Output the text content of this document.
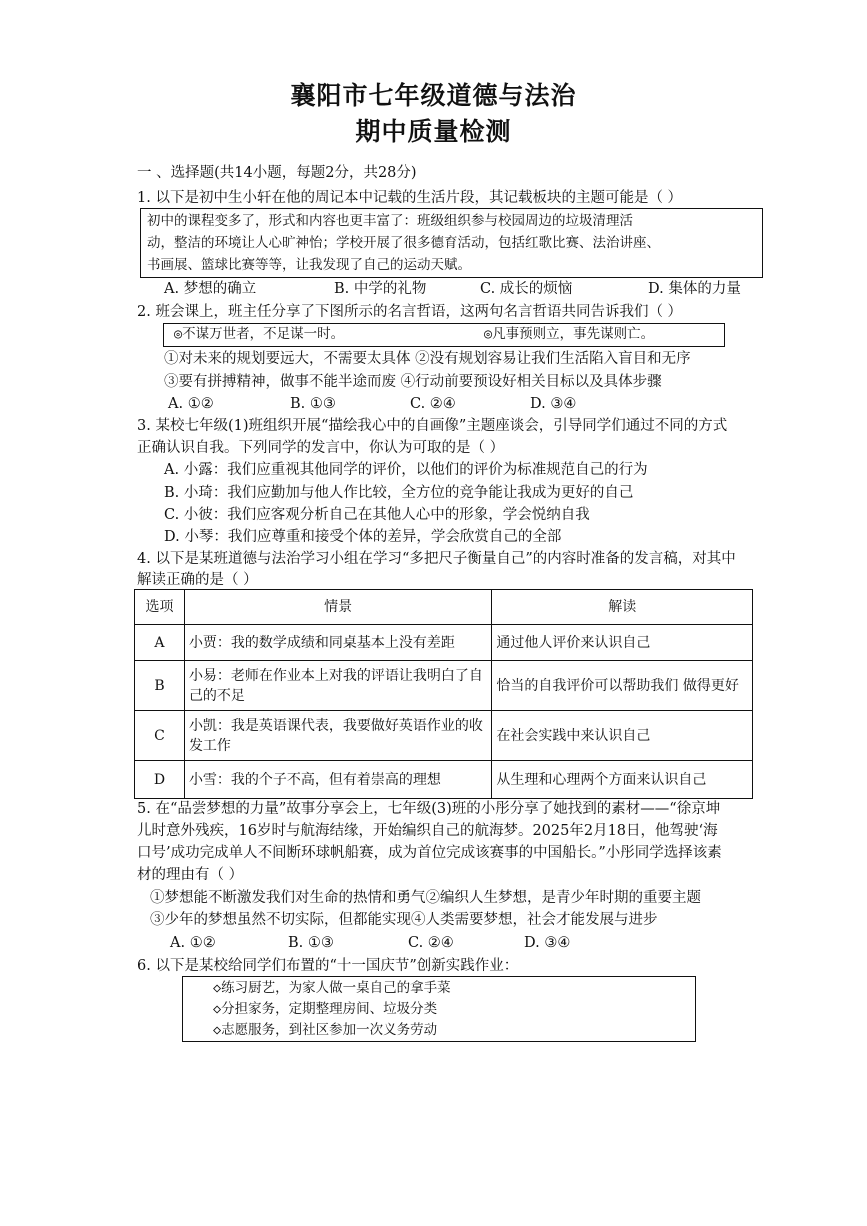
襄阳市七年级道德与法治
期中质量检测
一 、选择题(共14小题，每题2分，共28分)
1. 以下是初中生小轩在他的周记本中记载的生活片段，其记载板块的主题可能是（ ）
初中的课程变多了，形式和内容也更丰富了：班级组织参与校园周边的垃圾清理活
动，整洁的环境让人心旷神怡；学校开展了很多德育活动，包括红歌比赛、法治讲座、
书画展、篮球比赛等等，让我发现了自己的运动天赋。
A. 梦想的确立	B. 中学的礼物	C. 成长的烦恼	D. 集体的力量
2. 班会课上，班主任分享了下图所示的名言哲语，这两句名言哲语共同告诉我们（ ）
◎不谋万世者，不足谋一时。	◎凡事预则立，事先谋则亡。
①对未来的规划要远大，不需要太具体 ②没有规划容易让我们生活陷入盲目和无序
③要有拼搏精神，做事不能半途而废 ④行动前要预设好相关目标以及具体步骤
A. ①②	B. ①③	C. ②④	D. ③④
3. 某校七年级(1)班组织开展“描绘我心中的自画像”主题座谈会，引导同学们通过不同的方式
正确认识自我。下列同学的发言中，你认为可取的是（ ）
A. 小露：我们应重视其他同学的评价，以他们的评价为标准规范自己的行为
B. 小琦：我们应勤加与他人作比较，全方位的竞争能让我成为更好的自己
C. 小彼：我们应客观分析自己在其他人心中的形象，学会悦纳自我
D. 小琴：我们应尊重和接受个体的差异，学会欣赏自己的全部
4. 以下是某班道德与法治学习小组在学习“多把尺子衡量自己”的内容时准备的发言稿，对其中
解读正确的是（ ）
选项	情景	解读
A	小贾：我的数学成绩和同桌基本上没有差距	通过他人评价来认识自己
B	小易：老师在作业本上对我的评语让我明白了自己的不足	恰当的自我评价可以帮助我们 做得更好
C	小凯：我是英语课代表，我要做好英语作业的收发工作	在社会实践中来认识自己
D	小雪：我的个子不高，但有着崇高的理想	从生理和心理两个方面来认识自己
5. 在“品尝梦想的力量”故事分享会上，七年级(3)班的小彤分享了她找到的素材——“徐京坤
儿时意外残疾，16岁时与航海结缘，开始编织自己的航海梦。2025年2月18日，他驾驶‘海
口号’成功完成单人不间断环球帆船赛，成为首位完成该赛事的中国船长。”小彤同学选择该素
材的理由有（ ）
①梦想能不断激发我们对生命的热情和勇气②编织人生梦想，是青少年时期的重要主题
③少年的梦想虽然不切实际，但都能实现④人类需要梦想，社会才能发展与进步
A. ①②	B. ①③	C. ②④	D. ③④
6. 以下是某校给同学们布置的“十一国庆节”创新实践作业：
◇练习厨艺，为家人做一桌自己的拿手菜
◇分担家务，定期整理房间、垃圾分类
◇志愿服务，到社区参加一次义务劳动
